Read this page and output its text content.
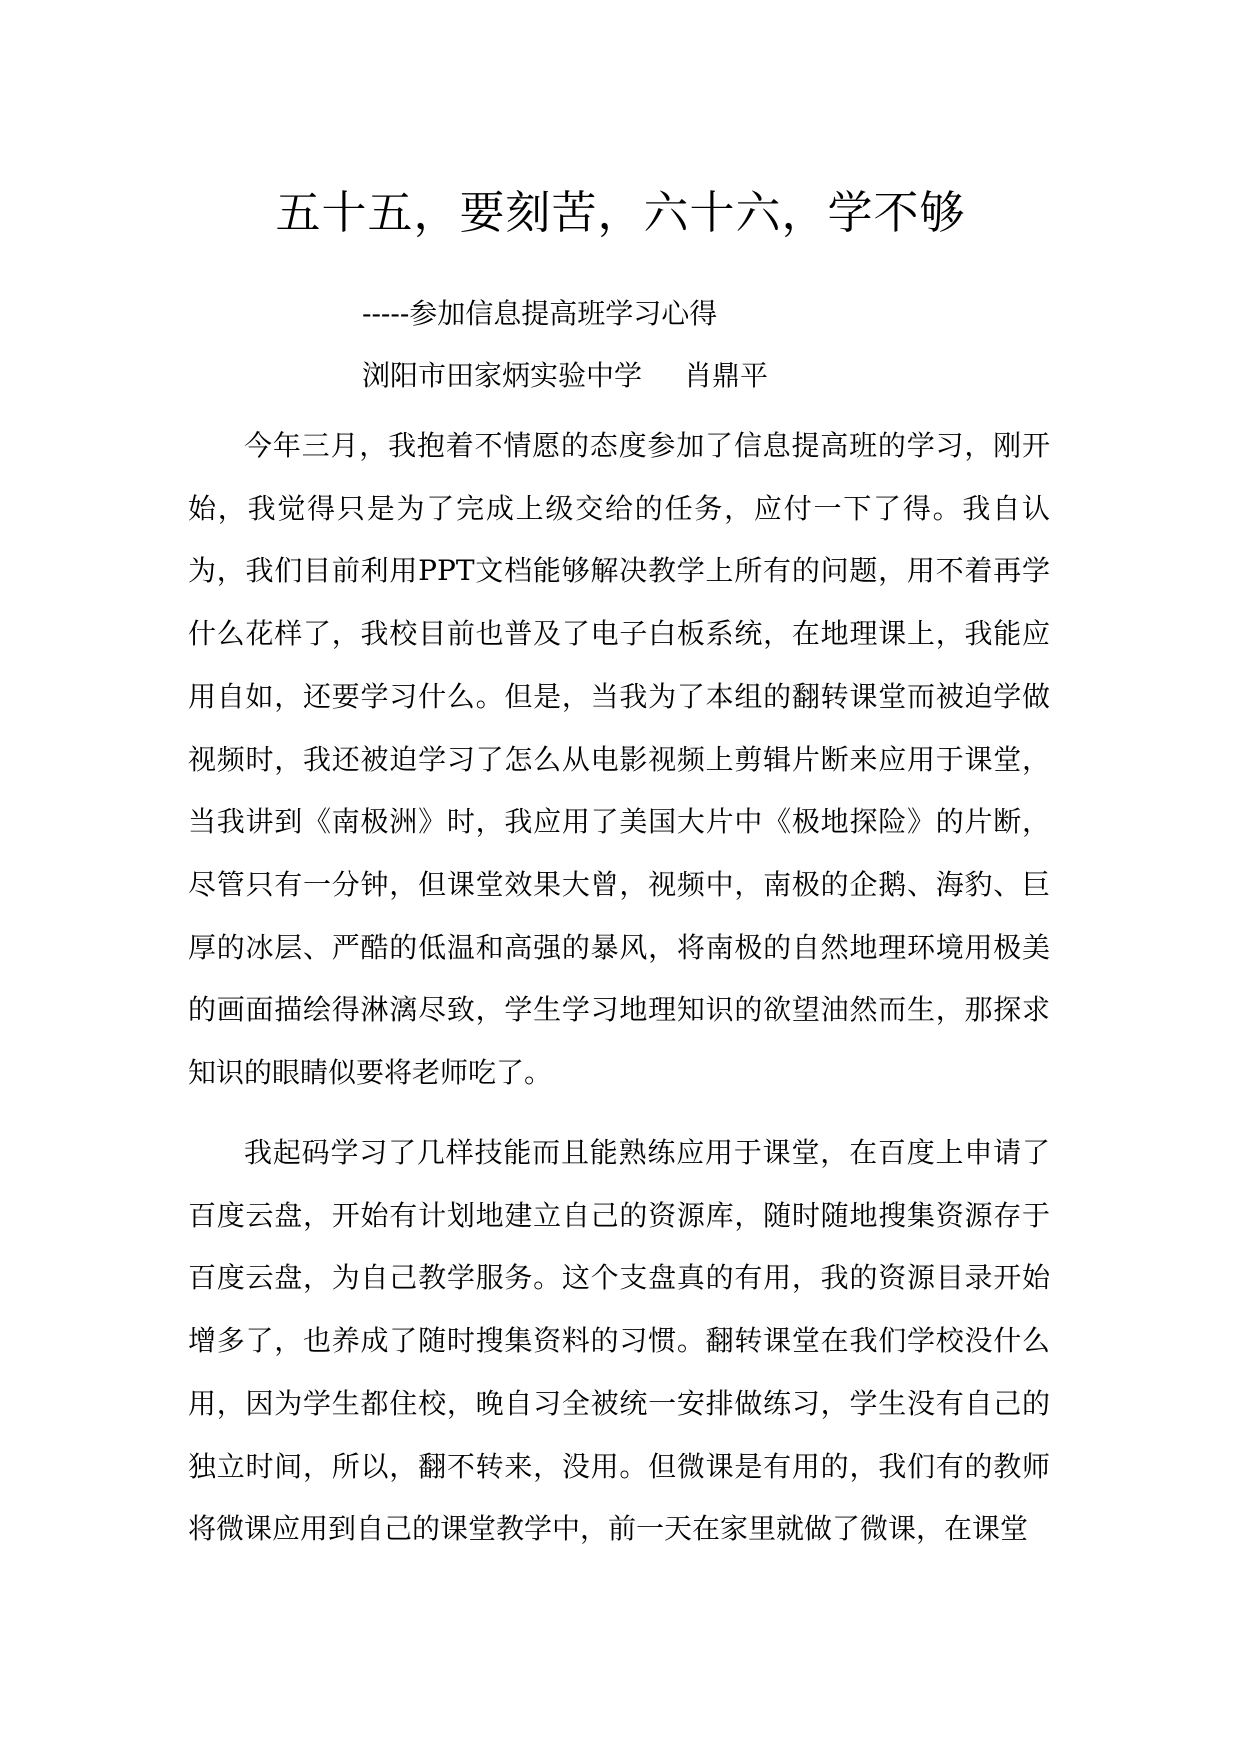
五十五，要刻苦，六十六，学不够
-----参加信息提高班学习心得
浏阳市田家炳实验中学 肖鼎平

今年三月，我抱着不情愿的态度参加了信息提高班的学习，刚开始，我觉得只是为了完成上级交给的任务，应付一下了得。我自认为，我们目前利用PPT文档能够解决教学上所有的问题，用不着再学什么花样了，我校目前也普及了电子白板系统，在地理课上，我能应用自如，还要学习什么。但是，当我为了本组的翻转课堂而被迫学做视频时，我还被迫学习了怎么从电影视频上剪辑片断来应用于课堂，当我讲到《南极洲》时，我应用了美国大片中《极地探险》的片断，尽管只有一分钟，但课堂效果大曾，视频中，南极的企鹅、海豹、巨厚的冰层、严酷的低温和高强的暴风，将南极的自然地理环境用极美的画面描绘得淋漓尽致，学生学习地理知识的欲望油然而生，那探求知识的眼睛似要将老师吃了。

我起码学习了几样技能而且能熟练应用于课堂，在百度上申请了百度云盘，开始有计划地建立自己的资源库，随时随地搜集资源存于百度云盘，为自己教学服务。这个支盘真的有用，我的资源目录开始增多了，也养成了随时搜集资料的习惯。翻转课堂在我们学校没什么用，因为学生都住校，晚自习全被统一安排做练习，学生没有自己的独立时间，所以，翻不转来，没用。但微课是有用的，我们有的教师将微课应用到自己的课堂教学中，前一天在家里就做了微课，在课堂
